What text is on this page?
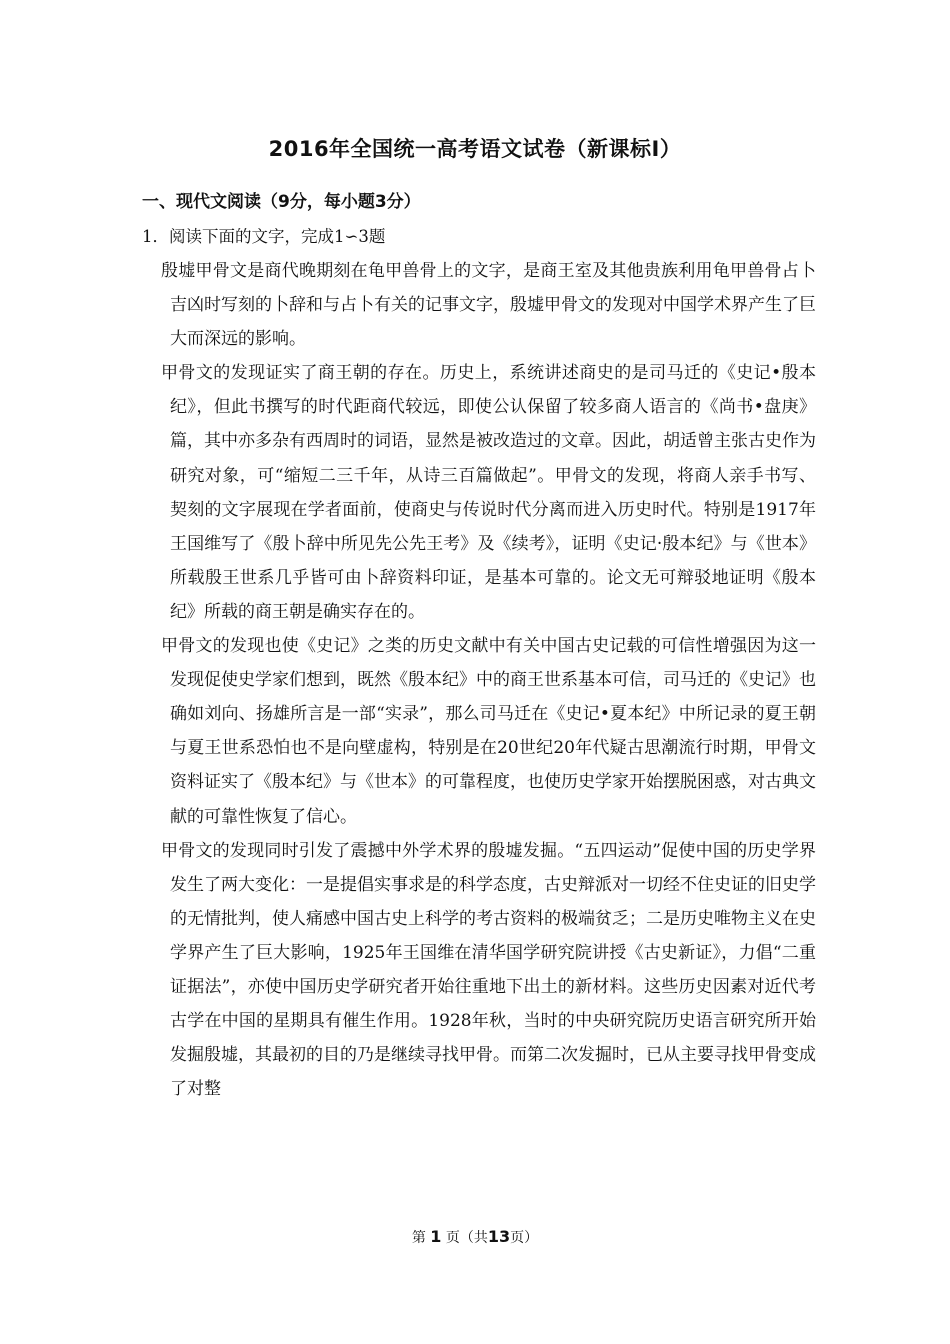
2016年全国统一高考语文试卷（新课标Ⅰ）
一、现代文阅读（9分，每小题3分）
1．阅读下面的文字，完成1∽3题

殷墟甲骨文是商代晚期刻在龟甲兽骨上的文字，是商王室及其他贵族利用龟甲兽骨占卜吉凶时写刻的卜辞和与占卜有关的记事文字，殷墟甲骨文的发现对中国学术界产生了巨大而深远的影响。

甲骨文的发现证实了商王朝的存在。历史上，系统讲述商史的是司马迁的《史记•殷本纪》，但此书撰写的时代距商代较远，即使公认保留了较多商人语言的《尚书•盘庚》篇，其中亦多杂有西周时的词语，显然是被改造过的文章。因此，胡适曾主张古史作为研究对象，可“缩短二三千年，从诗三百篇做起”。甲骨文的发现，将商人亲手书写、契刻的文字展现在学者面前，使商史与传说时代分离而进入历史时代。特别是1917年王国维写了《殷卜辞中所见先公先王考》及《续考》，证明《史记·殷本纪》与《世本》所载殷王世系几乎皆可由卜辞资料印证，是基本可靠的。论文无可辩驳地证明《殷本纪》所载的商王朝是确实存在的。

甲骨文的发现也使《史记》之类的历史文献中有关中国古史记载的可信性增强因为这一发现促使史学家们想到，既然《殷本纪》中的商王世系基本可信，司马迁的《史记》也确如刘向、扬雄所言是一部“实录”，那么司马迁在《史记•夏本纪》中所记录的夏王朝与夏王世系恐怕也不是向壁虚构，特别是在20世纪20年代疑古思潮流行时期，甲骨文资料证实了《殷本纪》与《世本》的可靠程度，也使历史学家开始摆脱困惑，对古典文献的可靠性恢复了信心。

甲骨文的发现同时引发了震撼中外学术界的殷墟发掘。“五四运动”促使中国的历史学界发生了两大变化：一是提倡实事求是的科学态度，古史辩派对一切经不住史证的旧史学的无情批判，使人痛感中国古史上科学的考古资料的极端贫乏；二是历史唯物主义在史学界产生了巨大影响，1925年王国维在清华国学研究院讲授《古史新证》，力倡“二重证据法”，亦使中国历史学研究者开始往重地下出土的新材料。这些历史因素对近代考古学在中国的星期具有催生作用。1928年秋，当时的中央研究院历史语言研究所开始发掘殷墟，其最初的目的乃是继续寻找甲骨。而第二次发掘时，已从主要寻找甲骨变成了对整

第 1 页（共13页）
